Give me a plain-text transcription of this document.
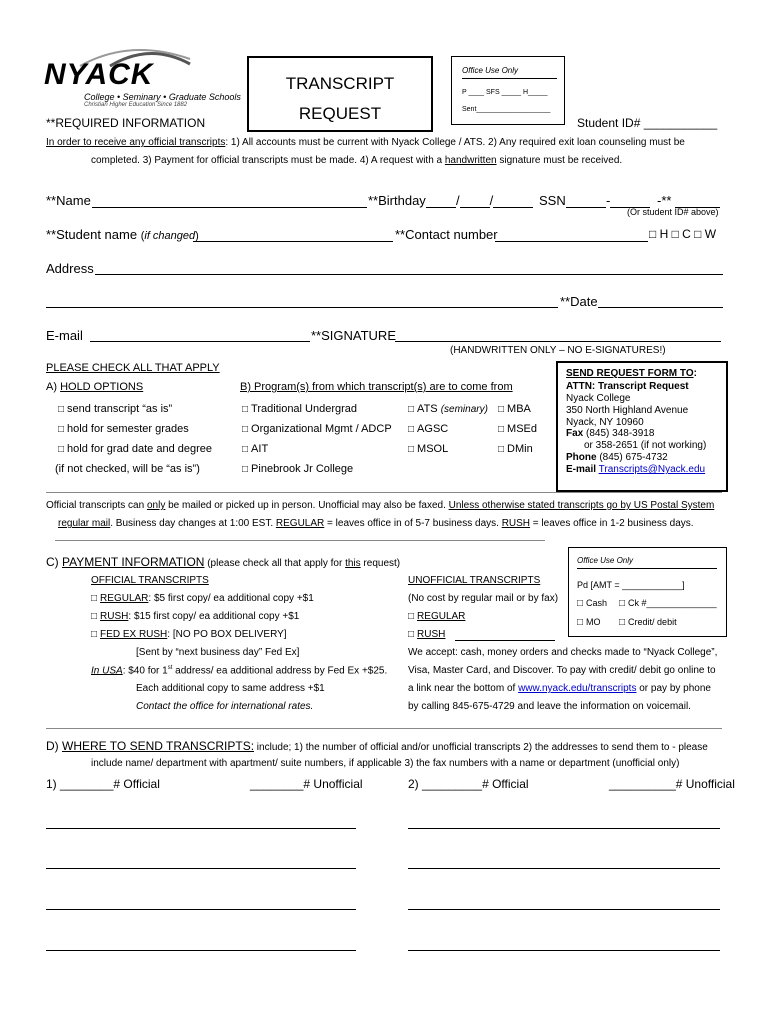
NYACK
College • Seminary • Graduate Schools
Christian Higher Education Since 1882
TRANSCRIPT
REQUEST
Office Use Only
P ____ SFS _____ H_____
Sent___________________
**REQUIRED INFORMATION	Student ID# ___________
In order to receive any official transcripts: 1) All accounts must be current with Nyack College / ATS. 2) Any required exit loan counseling must be
completed. 3) Payment for official transcripts must be made. 4) A request with a handwritten signature must be received.
**Name	**Birthday	/ /	SSN	-	-**
(Or student ID# above)
**Student name (if changed)	**Contact number	□ H □ C □ W
Address
**Date
E-mail	**SIGNATURE
(HANDWRITTEN ONLY – NO E-SIGNATURES!)
PLEASE CHECK ALL THAT APPLY
A) HOLD OPTIONS
□ send transcript “as is”
□ hold for semester grades
□ hold for grad date and degree
(if not checked, will be “as is”)
B) Program(s) from which transcript(s) are to come from
□ Traditional Undergrad
□ Organizational Mgmt / ADCP
□ AIT
□ Pinebrook Jr College
□ ATS (seminary)
□ AGSC
□ MSOL
□ MBA
□ MSEd
□ DMin
SEND REQUEST FORM TO:
ATTN: Transcript Request
Nyack College
350 North Highland Avenue
Nyack, NY 10960
Fax (845) 348-3918
or 358-2651 (if not working)
Phone (845) 675-4732
E-mail Transcripts@Nyack.edu
Official transcripts can only be mailed or picked up in person. Unofficial may also be faxed. Unless otherwise stated transcripts go by US Postal System
regular mail. Business day changes at 1:00 EST. REGULAR = leaves office in of 5-7 business days. RUSH = leaves office in 1-2 business days.
C) PAYMENT INFORMATION (please check all that apply for this request)
OFFICIAL TRANSCRIPTS
□ REGULAR: $5 first copy/ ea additional copy +$1
□ RUSH: $15 first copy/ ea additional copy +$1
□ FED EX RUSH: [NO PO BOX DELIVERY]
[Sent by “next business day” Fed Ex]
In USA: $40 for 1st address/ ea additional address by Fed Ex +$25.
Each additional copy to same address +$1
Contact the office for international rates.
UNOFFICIAL TRANSCRIPTS
(No cost by regular mail or by fax)
□ REGULAR
□ RUSH
We accept: cash, money orders and checks made to “Nyack College”,
Visa, Master Card, and Discover. To pay with credit/ debit go online to
a link near the bottom of www.nyack.edu/transcripts or pay by phone
by calling 845-675-4729 and leave the information on voicemail.
Office Use Only
Pd [AMT = ____________]
□ Cash □ Ck #______________
□ MO □ Credit/ debit
D) WHERE TO SEND TRANSCRIPTS: include; 1) the number of official and/or unofficial transcripts 2) the addresses to send them to - please
include name/ department with apartment/ suite numbers, if applicable 3) the fax numbers with a name or department (unofficial only)
1) ________# Official	________# Unofficial	2) _________# Official	__________# Unofficial
